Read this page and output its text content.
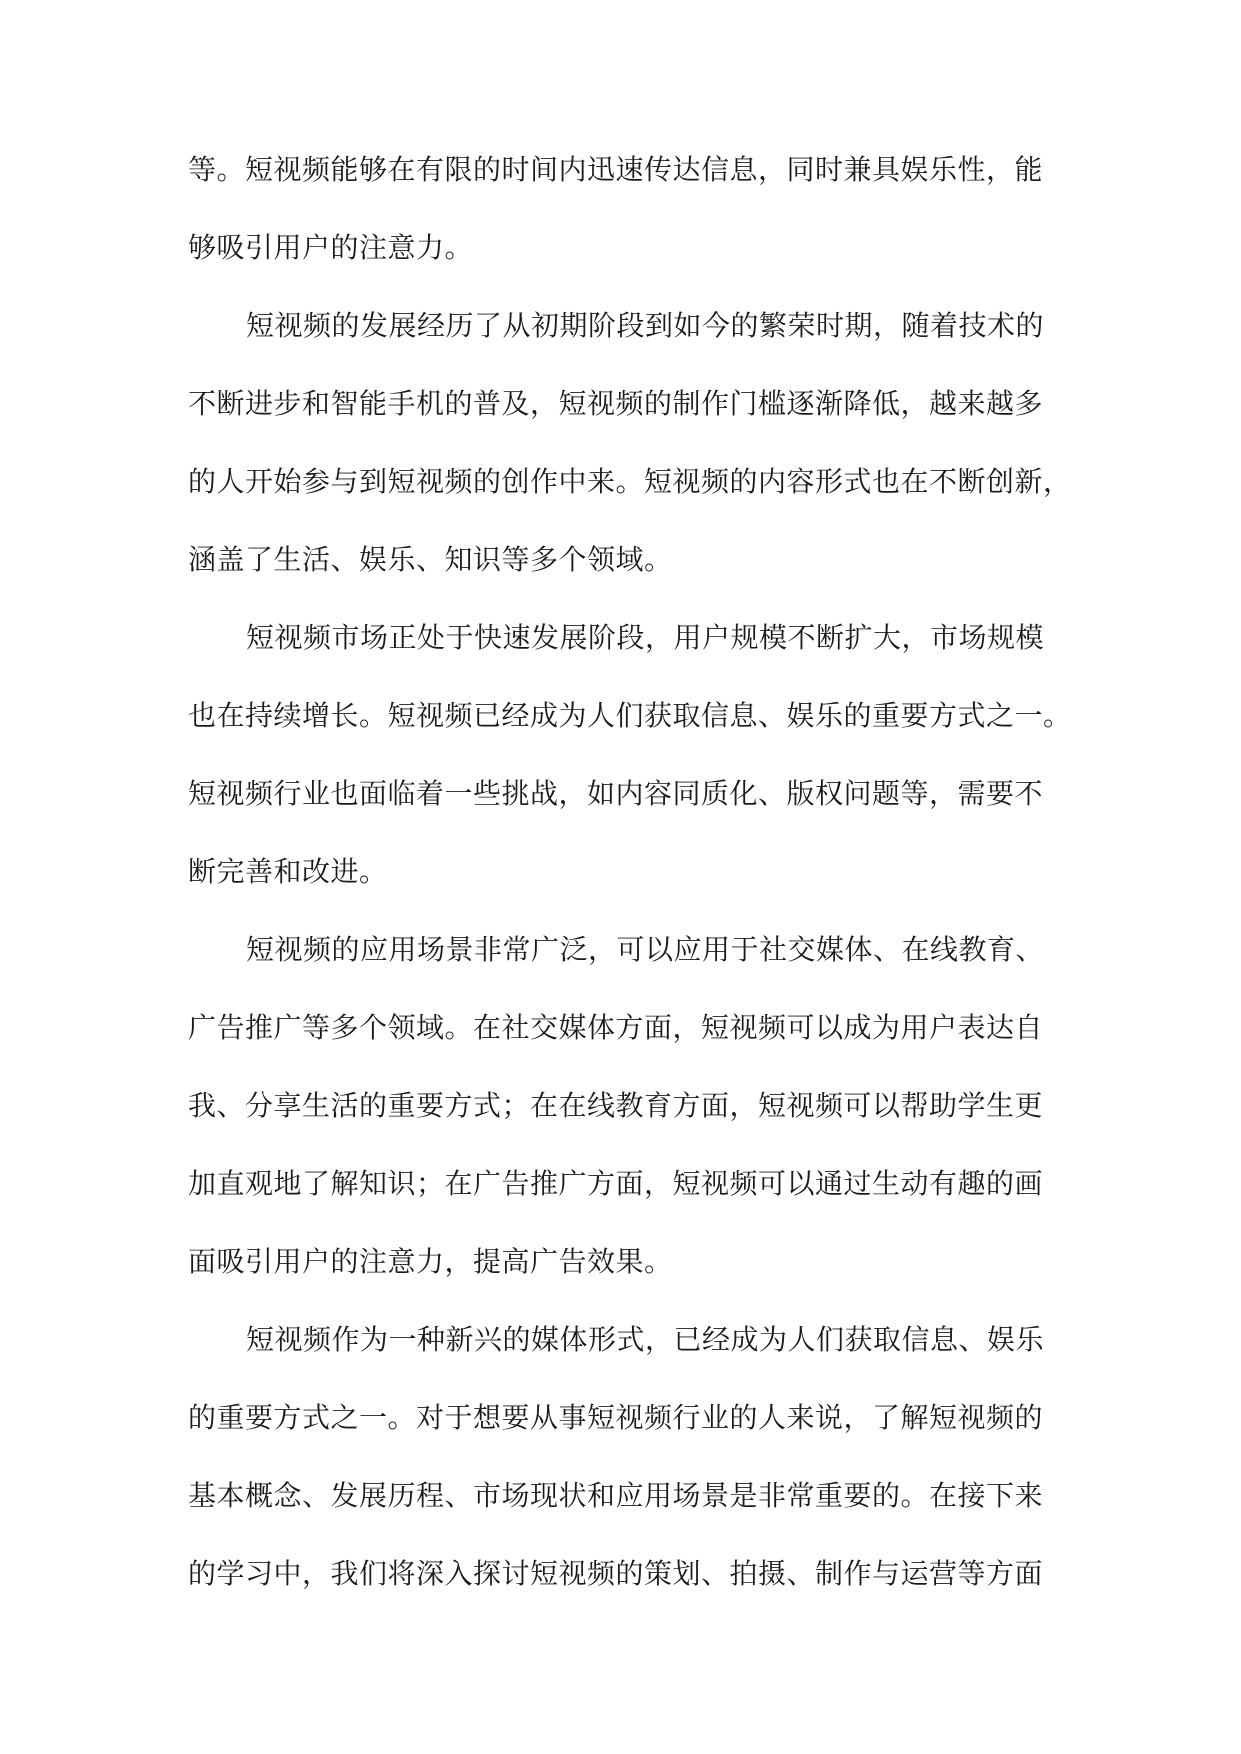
等。短视频能够在有限的时间内迅速传达信息，同时兼具娱乐性，能
够吸引用户的注意力。
短视频的发展经历了从初期阶段到如今的繁荣时期，随着技术的
不断进步和智能手机的普及，短视频的制作门槛逐渐降低，越来越多
的人开始参与到短视频的创作中来。短视频的内容形式也在不断创新，
涵盖了生活、娱乐、知识等多个领域。
短视频市场正处于快速发展阶段，用户规模不断扩大，市场规模
也在持续增长。短视频已经成为人们获取信息、娱乐的重要方式之一。
短视频行业也面临着一些挑战，如内容同质化、版权问题等，需要不
断完善和改进。
短视频的应用场景非常广泛，可以应用于社交媒体、在线教育、
广告推广等多个领域。在社交媒体方面，短视频可以成为用户表达自
我、分享生活的重要方式；在在线教育方面，短视频可以帮助学生更
加直观地了解知识；在广告推广方面，短视频可以通过生动有趣的画
面吸引用户的注意力，提高广告效果。
短视频作为一种新兴的媒体形式，已经成为人们获取信息、娱乐
的重要方式之一。对于想要从事短视频行业的人来说，了解短视频的
基本概念、发展历程、市场现状和应用场景是非常重要的。在接下来
的学习中，我们将深入探讨短视频的策划、拍摄、制作与运营等方面
